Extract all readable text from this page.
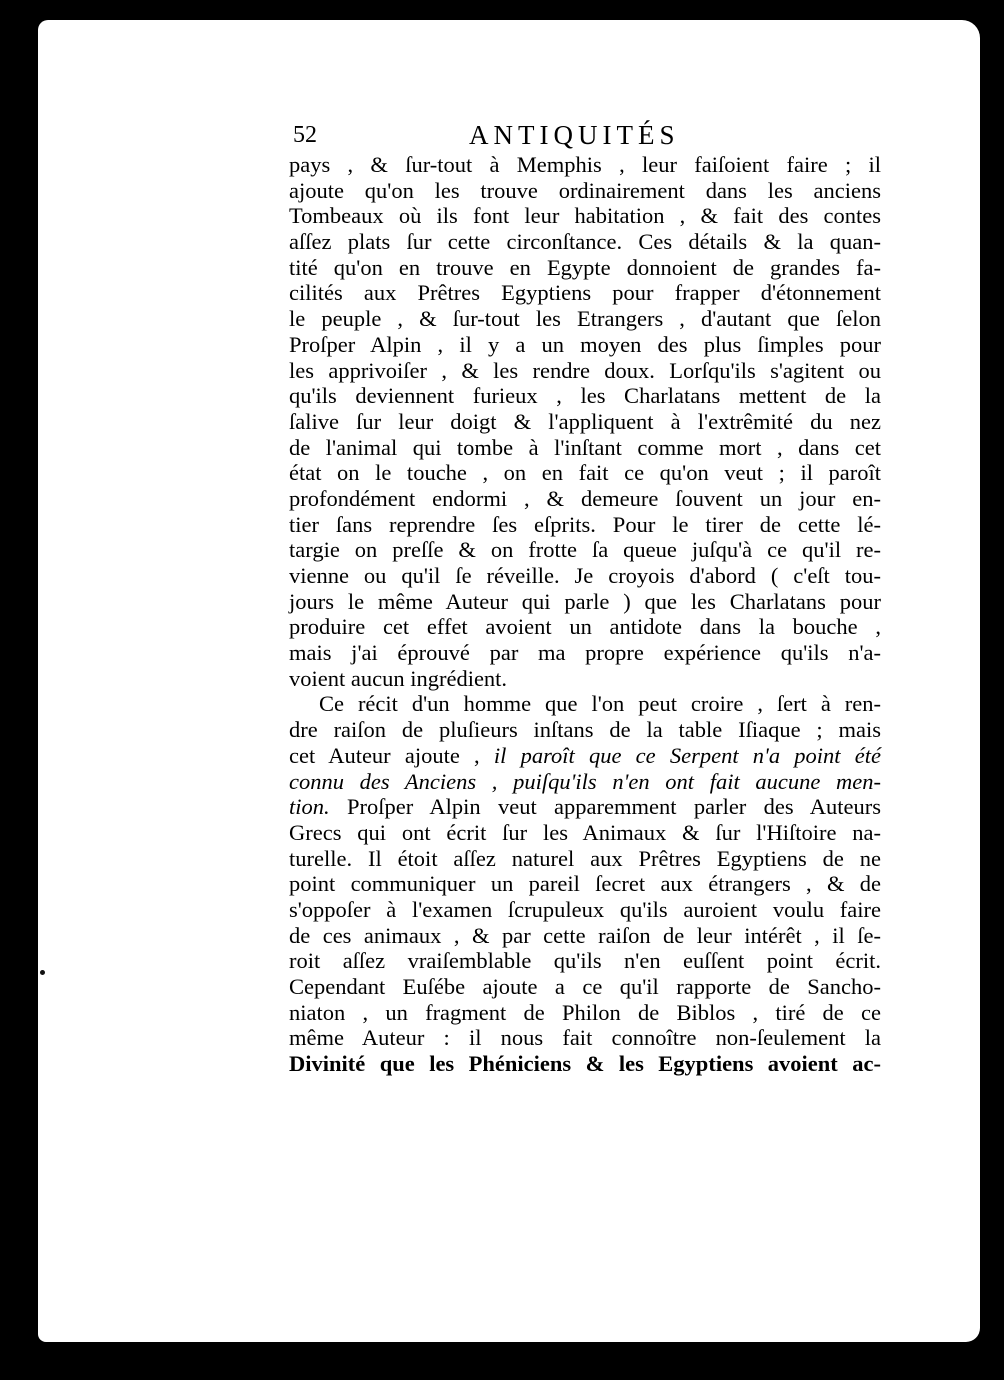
52	ANTIQUITÉS
pays , & ſur-tout à Memphis , leur faiſoient faire ; il
ajoute qu'on les trouve ordinairement dans les anciens
Tombeaux où ils font leur habitation , & fait des contes
aſſez plats ſur cette circonſtance. Ces détails & la quan-
tité qu'on en trouve en Egypte donnoient de grandes fa-
cilités aux Prêtres Egyptiens pour frapper d'étonnement
le peuple , & ſur-tout les Etrangers , d'autant que ſelon
Proſper Alpin , il y a un moyen des plus ſimples pour
les apprivoiſer , & les rendre doux. Lorſqu'ils s'agitent ou
qu'ils deviennent furieux , les Charlatans mettent de la
ſalive ſur leur doigt & l'appliquent à l'extrêmité du nez
de l'animal qui tombe à l'inſtant comme mort , dans cet
état on le touche , on en fait ce qu'on veut ; il paroît
profondément endormi , & demeure ſouvent un jour en-
tier ſans reprendre ſes eſprits. Pour le tirer de cette lé-
targie on preſſe & on frotte ſa queue juſqu'à ce qu'il re-
vienne ou qu'il ſe réveille. Je croyois d'abord ( c'eſt tou-
jours le même Auteur qui parle ) que les Charlatans pour
produire cet effet avoient un antidote dans la bouche ,
mais j'ai éprouvé par ma propre expérience qu'ils n'a-
voient aucun ingrédient.
Ce récit d'un homme que l'on peut croire , ſert à ren-
dre raiſon de pluſieurs inſtans de la table Iſiaque ; mais
cet Auteur ajoute , il paroît que ce Serpent n'a point été
connu des Anciens , puiſqu'ils n'en ont fait aucune men-
tion. Proſper Alpin veut apparemment parler des Auteurs
Grecs qui ont écrit ſur les Animaux & ſur l'Hiſtoire na-
turelle. Il étoit aſſez naturel aux Prêtres Egyptiens de ne
point communiquer un pareil ſecret aux étrangers , & de
s'oppoſer à l'examen ſcrupuleux qu'ils auroient voulu faire
de ces animaux , & par cette raiſon de leur intérêt , il ſe-
roit aſſez vraiſemblable qu'ils n'en euſſent point écrit.
Cependant Euſébe ajoute a ce qu'il rapporte de Sancho-
niaton , un fragment de Philon de Biblos , tiré de ce
même Auteur : il nous fait connoître non-ſeulement la
Divinité que les Phéniciens & les Egyptiens avoient ac-
